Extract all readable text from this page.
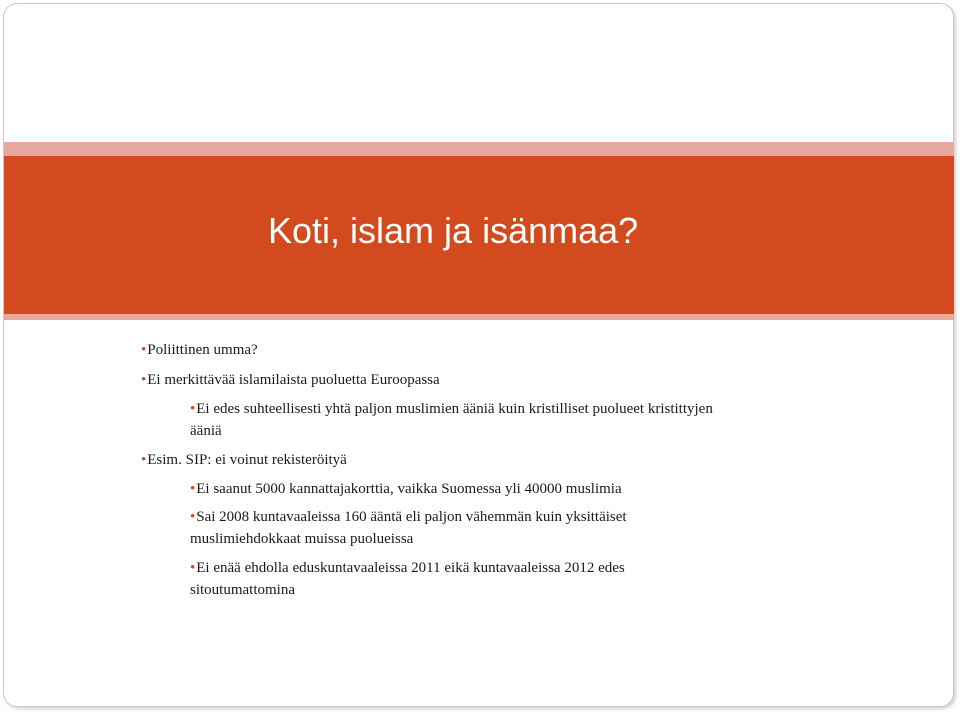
Koti, islam ja isänmaa?
•Poliittinen umma?
•Ei merkittävää islamilaista puoluetta Euroopassa
•Ei edes suhteellisesti yhtä paljon muslimien ääniä kuin kristilliset puolueet kristittyjen
ääniä
•Esim. SIP: ei voinut rekisteröityä
•Ei saanut 5000 kannattajakorttia, vaikka Suomessa yli 40000 muslimia
•Sai 2008 kuntavaaleissa 160 ääntä eli paljon vähemmän kuin yksittäiset
muslimiehdokkaat muissa puolueissa
•Ei enää ehdolla eduskuntavaaleissa 2011 eikä kuntavaaleissa 2012 edes
sitoutumattomina
